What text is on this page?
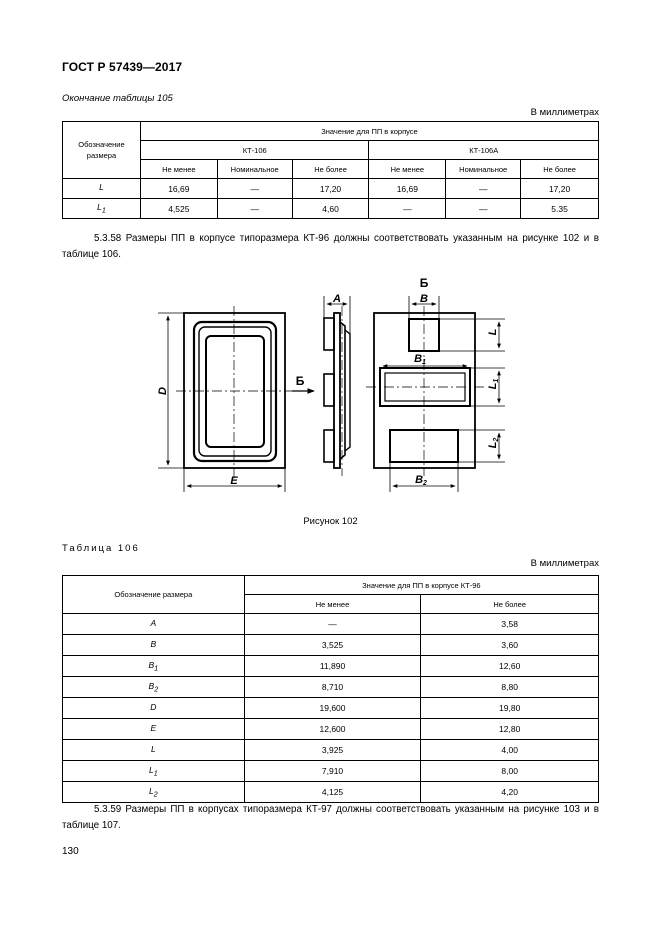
ГОСТ Р 57439—2017
Окончание таблицы 105
В миллиметрах
Обозначение размера	Значение для ПП в корпусе					
	КТ-106			КТ-106А		
	Не менее	Номинальное	Не более	Не менее	Номинальное	Не более
L	16,69	—	17,20	16,69	—	17,20
$L_1$	4,525	—	4,60	—	—	5.35
5.3.58 Размеры ПП в корпусе типоразмера КТ-96 должны соответствовать указанным на рисунке 102 и в таблице 106.
D
E
A	B
B1
B2
L
L1
L2
Б
Б
Рисунок 102
Таблица 106
В миллиметрах
Обозначение размера	Значение для ПП в корпусе КТ-96	
	Не менее	Не более
A	—	3,58
B	3,525	3,60
$B_1$	11,890	12,60
$B_2$	8,710	8,80
D	19,600	19,80
E	12,600	12,80
L	3,925	4,00
$L_1$	7,910	8,00
$L_2$	4,125	4,20
5.3.59 Размеры ПП в корпусах типоразмера КТ-97 должны соответствовать указанным на рисунке 103 и в таблице 107.
130
